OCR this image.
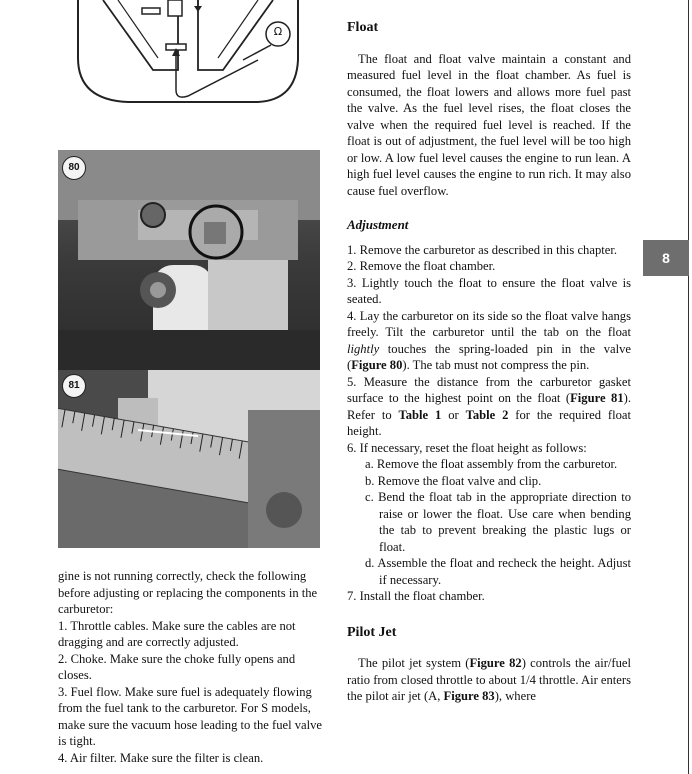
Ω
80
81

gine is not running correctly, check the following before adjusting or replacing the components in the carburetor:

1. Throttle cables. Make sure the cables are not dragging and are correctly adjusted.

2. Choke. Make sure the choke fully opens and closes.

3. Fuel flow. Make sure fuel is adequately flowing from the fuel tank to the carburetor. For S models, make sure the vacuum hose leading to the fuel valve is tight.

4. Air filter. Make sure the filter is clean.

Float

The float and float valve maintain a constant and measured fuel level in the float chamber. As fuel is consumed, the float lowers and allows more fuel past the valve. As the fuel level rises, the float closes the valve when the required fuel level is reached. If the float is out of adjustment, the fuel level will be too high or low. A low fuel level causes the engine to run lean. A high fuel level causes the engine to run rich. It may also cause fuel overflow.

Adjustment

1. Remove the carburetor as described in this chapter.

2. Remove the float chamber.

3. Lightly touch the float to ensure the float valve is seated.

4. Lay the carburetor on its side so the float valve hangs freely. Tilt the carburetor until the tab on the float lightly touches the spring-loaded pin in the valve (Figure 80). The tab must not compress the pin.

5. Measure the distance from the carburetor gasket surface to the highest point on the float (Figure 81). Refer to Table 1 or Table 2 for the required float height.

6. If necessary, reset the float height as follows:

a. Remove the float assembly from the carburetor.

b. Remove the float valve and clip.

c. Bend the float tab in the appropriate direction to raise or lower the float. Use care when bending the tab to prevent breaking the plastic lugs or float.

d. Assemble the float and recheck the height. Adjust if necessary.

7. Install the float chamber.

Pilot Jet

The pilot jet system (Figure 82) controls the air/fuel ratio from closed throttle to about 1/4 throttle. Air enters the pilot air jet (A, Figure 83), where

8
